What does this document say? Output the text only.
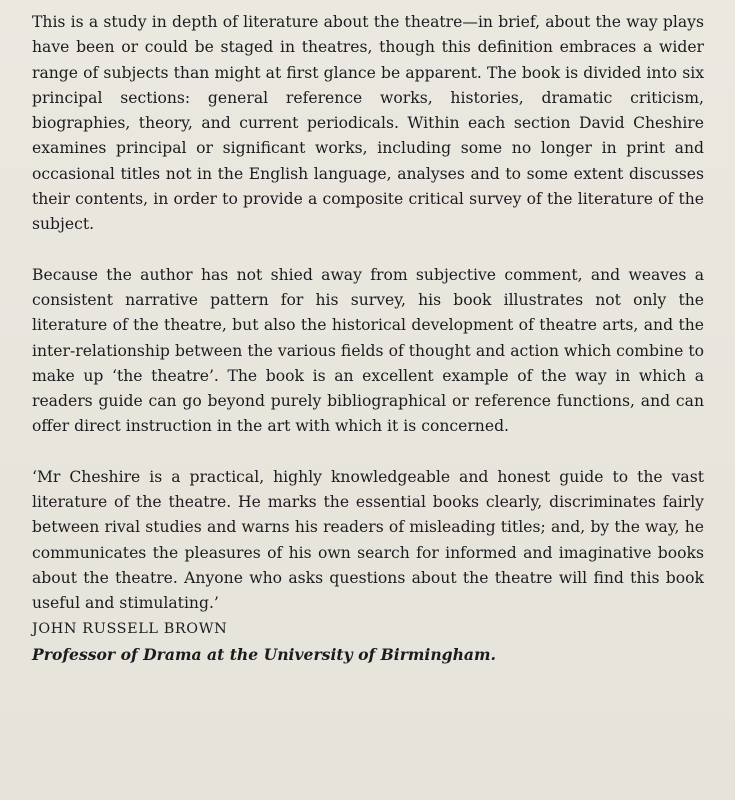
This is a study in depth of literature about the theatre—in brief, about the way plays have been or could be staged in theatres, though this definition embraces a wider range of subjects than might at first glance be apparent. The book is divided into six principal sections: general reference works, histories, dramatic criticism, biographies, theory, and current periodicals. Within each section David Cheshire examines principal or significant works, including some no longer in print and occasional titles not in the English language, analyses and to some extent discusses their contents, in order to provide a composite critical survey of the literature of the subject.

Because the author has not shied away from subjective comment, and weaves a consistent narrative pattern for his survey, his book illustrates not only the literature of the theatre, but also the historical development of theatre arts, and the inter-relationship between the various fields of thought and action which combine to make up ‘the theatre’. The book is an excellent example of the way in which a readers guide can go beyond purely bibliographical or reference functions, and can offer direct instruction in the art with which it is concerned.

‘Mr Cheshire is a practical, highly knowledgeable and honest guide to the vast literature of the theatre. He marks the essential books clearly, discriminates fairly between rival studies and warns his readers of misleading titles; and, by the way, he communicates the pleasures of his own search for informed and imaginative books about the theatre. Anyone who asks questions about the theatre will find this book useful and stimulating.’

JOHN RUSSELL BROWN

Professor of Drama at the University of Birmingham.
